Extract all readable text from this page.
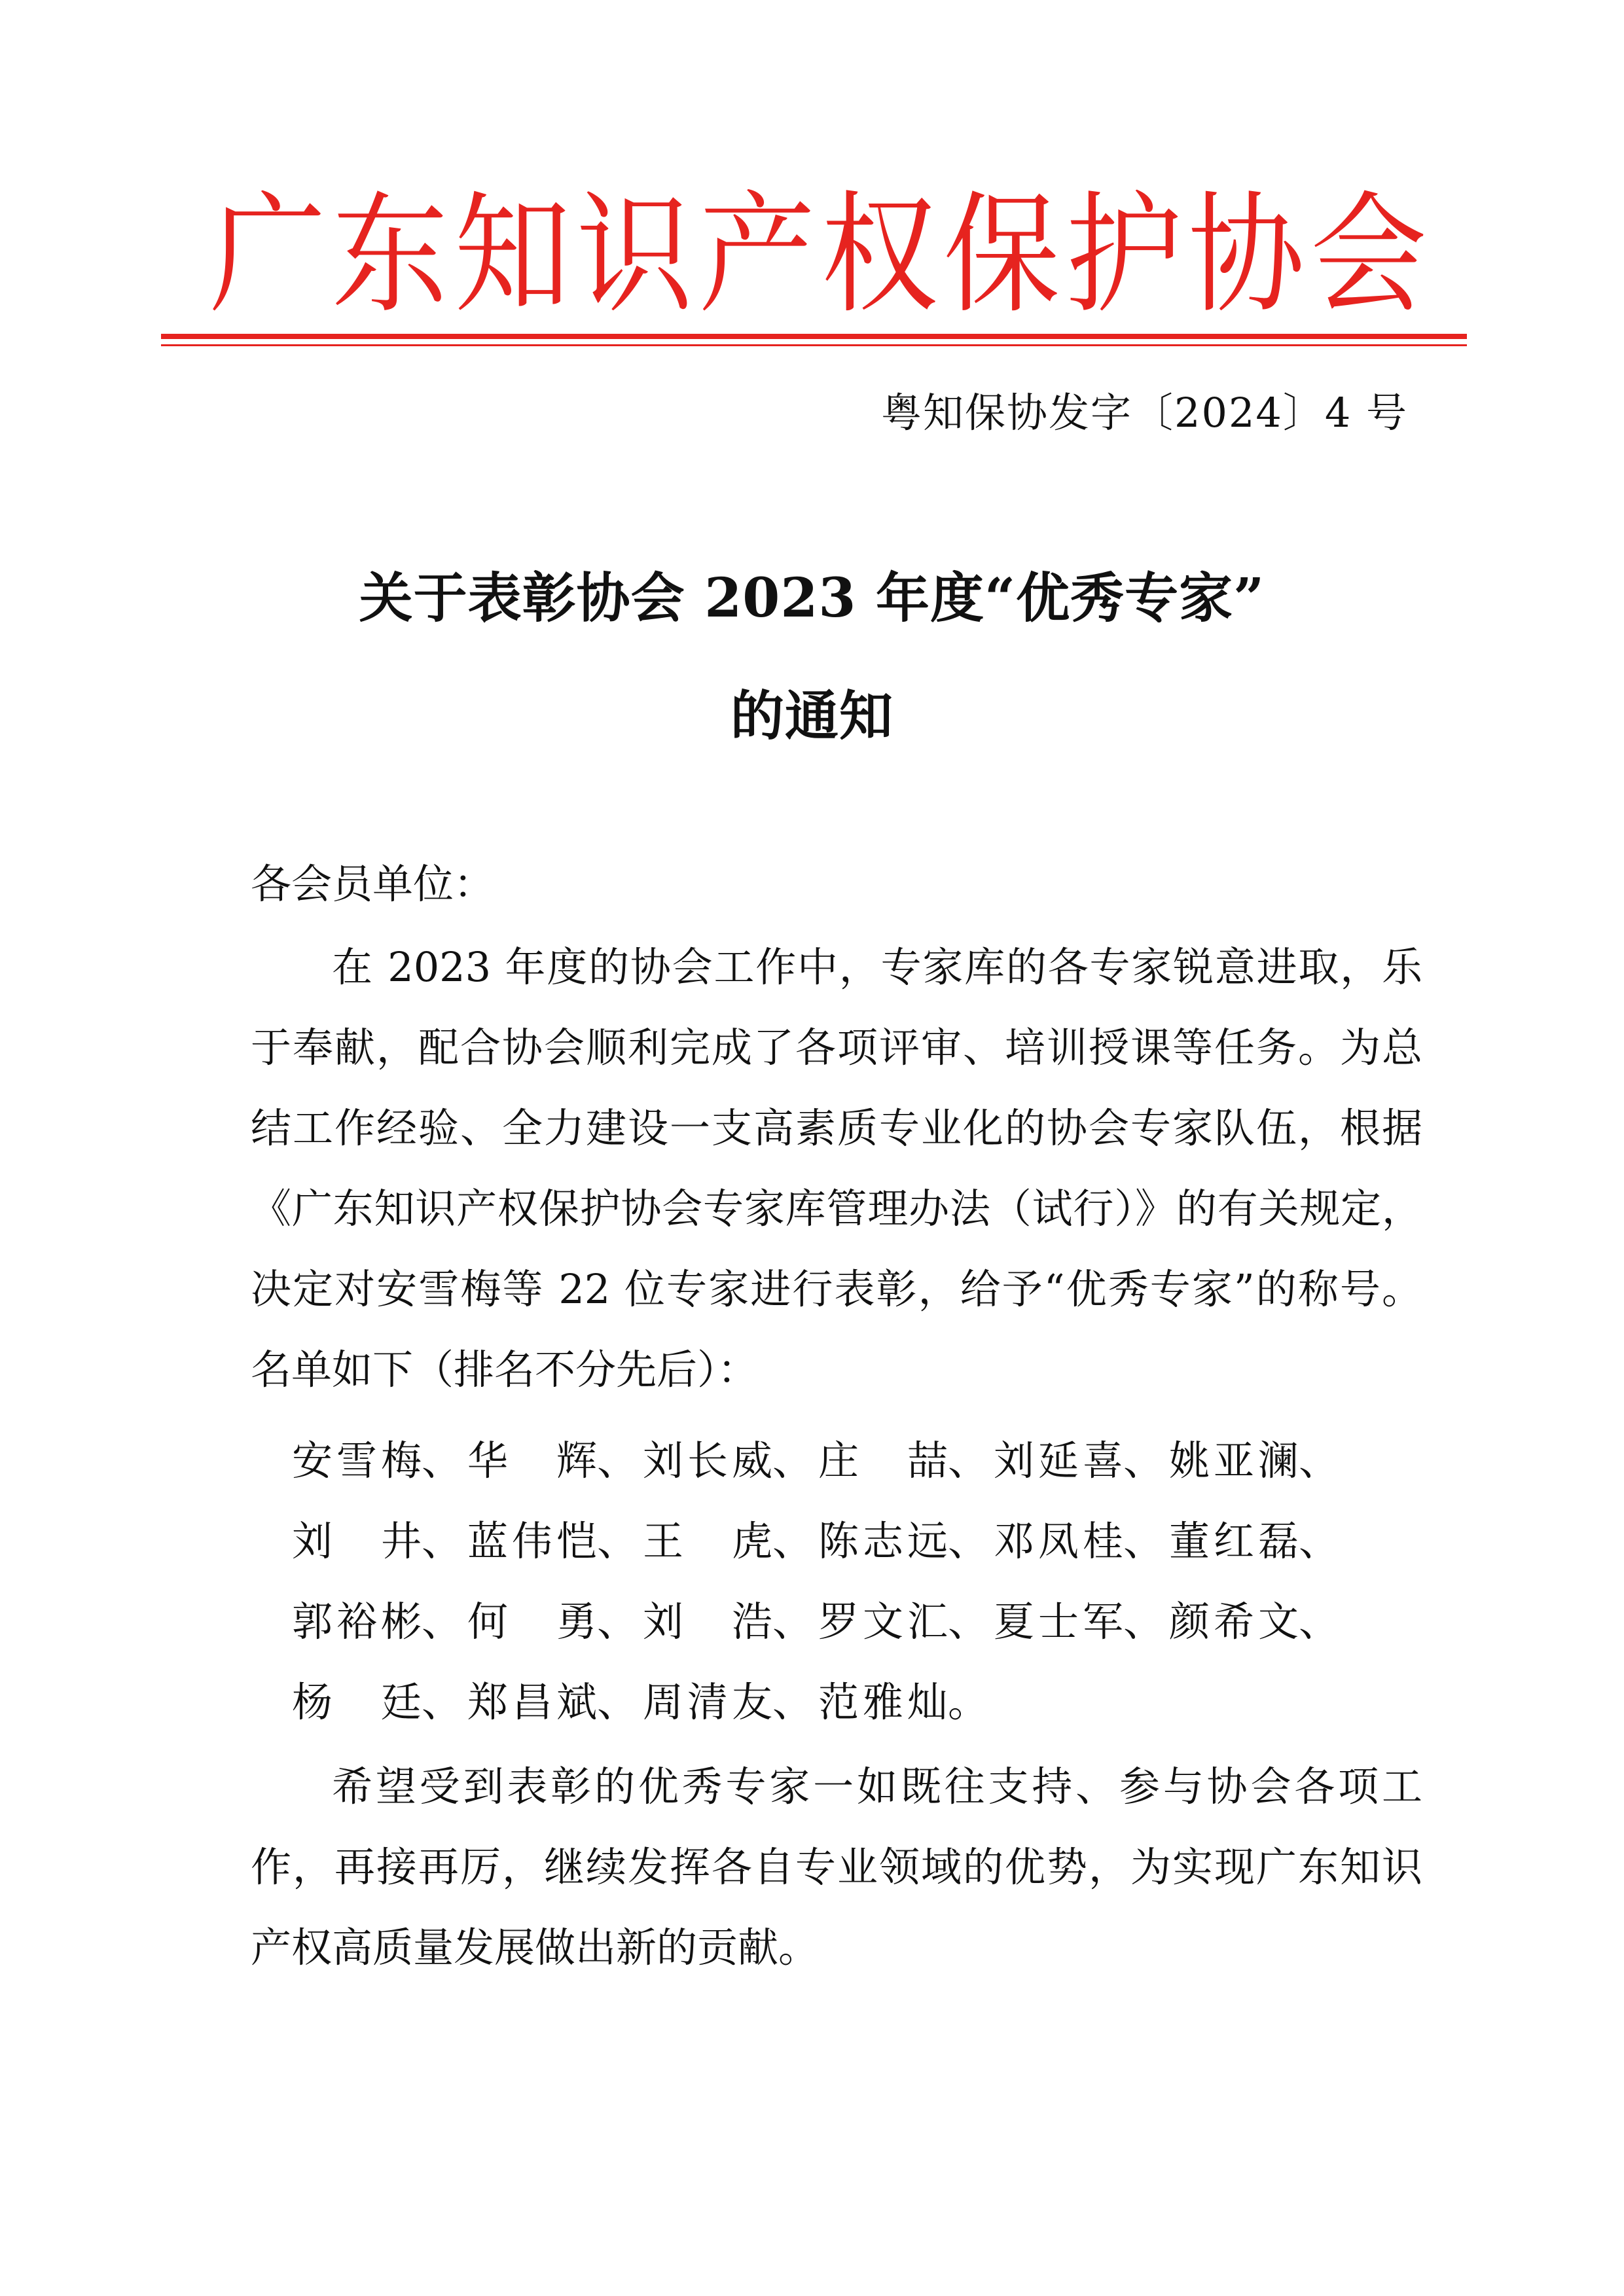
广 东 知 识 产 权 保 护 协 会
粤知保协发字〔2024〕4 号
关于表彰协会 2023 年度“优秀专家”
的通知
各会员单位：

在 2023 年度的协会工作中，专家库的各专家锐意进取，乐于奉献，配合协会顺利完成了各项评审、培训授课等任务。为总结工作经验、全力建设一支高素质专业化的协会专家队伍，根据《广东知识产权保护协会专家库管理办法（试行）》的有关规定，决定对安雪梅等 22 位专家进行表彰，给予“优秀专家”的称号。名单如下（排名不分先后）：

安雪梅 、 华辉 、 刘长威 、 庄喆 、 刘延喜 、 姚亚澜 、
刘井 、 蓝伟恺 、 王虎 、 陈志远 、 邓凤桂 、 董红磊 、
郭裕彬 、 何勇 、 刘浩 、 罗文汇 、 夏士军 、 颜希文 、
杨廷 、 郑昌斌 、 周清友 、 范雅灿 。

希望受到表彰的优秀专家一如既往支持、参与协会各项工作，再接再厉，继续发挥各自专业领域的优势，为实现广东知识产权高质量发展做出新的贡献。
